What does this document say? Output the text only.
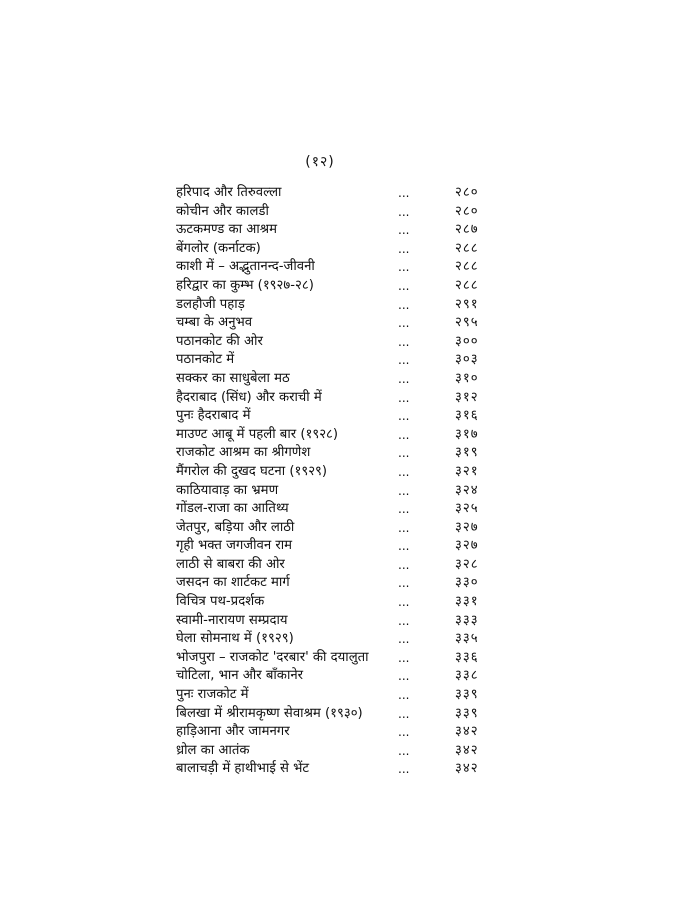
(१२)
हरिपाद और तिरुवल्ला	...	२८०
कोचीन और कालडी	...	२८०
ऊटकमण्ड का आश्रम	...	२८७
बेंगलोर (कर्नाटक)	...	२८८
काशी में – अद्भुतानन्द-जीवनी	...	२८८
हरिद्वार का कुम्भ (१९२७-२८)	...	२८८
डलहौजी पहाड़	...	२९१
चम्बा के अनुभव	...	२९५
पठानकोट की ओर	...	३००
पठानकोट में	...	३०३
सक्कर का साधुबेला मठ	...	३१०
हैदराबाद (सिंध) और कराची में	...	३१२
पुनः हैदराबाद में	...	३१६
माउण्ट आबू में पहली बार (१९२८)	...	३१७
राजकोट आश्रम का श्रीगणेश	...	३१९
मैंगरोल की दुखद घटना (१९२९)	...	३२१
काठियावाड़ का भ्रमण	...	३२४
गोंडल-राजा का आतिथ्य	...	३२५
जेतपुर, बड़िया और लाठी	...	३२७
गृही भक्त जगजीवन राम	...	३२७
लाठी से बाबरा की ओर	...	३२८
जसदन का शार्टकट मार्ग	...	३३०
विचित्र पथ-प्रदर्शक	...	३३१
स्वामी-नारायण सम्प्रदाय	...	३३३
घेला सोमनाथ में (१९२९)	...	३३५
भोजपुरा – राजकोट 'दरबार' की दयालुता ...	३३६
चोटिला, भान और बाँकानेर	...	३३८
पुनः राजकोट में	...	३३९
बिलखा में श्रीरामकृष्ण सेवाश्रम (१९३०)	...	३३९
हाड़िआना और जामनगर	...	३४२
ध्रोल का आतंक	...	३४२
बालाचड़ी में हाथीभाई से भेंट	...	३४२
